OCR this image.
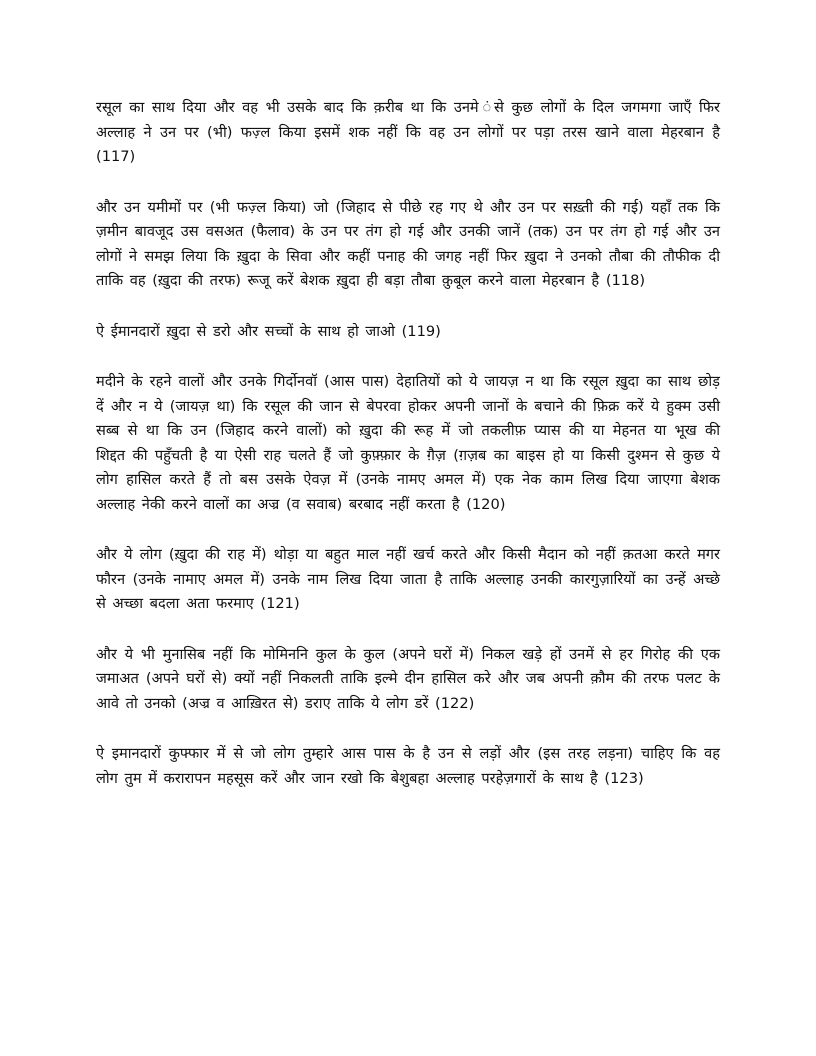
रसूल का साथ दिया और वह भी उसके बाद कि क़रीब था कि उनमे ंसे कुछ लोगों के दिल जगमगा जाएँ फिर अल्लाह ने उन पर (भी) फज़्ल किया इसमें शक नहीं कि वह उन लोगों पर पड़ा तरस खाने वाला मेहरबान है (117)

और उन यमीमों पर (भी फज़्ल किया) जो (जिहाद से पीछे रह गए थे और उन पर सख़्ती की गई) यहाँ तक कि ज़मीन बावजूद उस वसअत (फैलाव) के उन पर तंग हो गई और उनकी जानें (तक) उन पर तंग हो गई और उन लोगों ने समझ लिया कि ख़ुदा के सिवा और कहीं पनाह की जगह नहीं फिर ख़ुदा ने उनको तौबा की तौफीक दी ताकि वह (ख़ुदा की तरफ) रूजू करें बेशक ख़ुदा ही बड़ा तौबा क़ुबूल करने वाला मेहरबान है (118)

ऐ ईमानदारों ख़ुदा से डरो और सच्चों के साथ हो जाओ (119)

मदीने के रहने वालों और उनके गिर्दोनवॉ (आस पास) देहातियों को ये जायज़ न था कि रसूल ख़ुदा का साथ छोड़ दें और न ये (जायज़ था) कि रसूल की जान से बेपरवा होकर अपनी जानों के बचाने की फ़िक्र करें ये हुक्म उसी सब्ब से था कि उन (जिहाद करने वालों) को ख़ुदा की रूह में जो तकलीफ़ प्यास की या मेहनत या भूख की शिद्दत की पहुँचती है या ऐसी राह चलते हैं जो कुफ़्फ़ार के ग़ैज़ (ग़ज़ब का बाइस हो या किसी दुश्मन से कुछ ये लोग हासिल करते हैं तो बस उसके ऐवज़ में (उनके नामए अमल में) एक नेक काम लिख दिया जाएगा बेशक अल्लाह नेकी करने वालों का अज्र (व सवाब) बरबाद नहीं करता है (120)

और ये लोग (ख़ुदा की राह में) थोड़ा या बहुत माल नहीं खर्च करते और किसी मैदान को नहीं क़तआ करते मगर फौरन (उनके नामाए अमल में) उनके नाम लिख दिया जाता है ताकि अल्लाह उनकी कारगुज़ारियों का उन्हें अच्छे से अच्छा बदला अता फरमाए (121)

और ये भी मुनासिब नहीं कि मोमिननि कुल के कुल (अपने घरों में) निकल खड़े हों उनमें से हर गिरोह की एक जमाअत (अपने घरों से) क्यों नहीं निकलती ताकि इल्मे दीन हासिल करे और जब अपनी क़ौम की तरफ पलट के आवे तो उनको (अज्र व आख़िरत से) डराए ताकि ये लोग डरें (122)

ऐ इमानदारों कुफ्फार में से जो लोग तुम्हारे आस पास के है उन से लड़ों और (इस तरह लड़ना) चाहिए कि वह लोग तुम में करारापन महसूस करें और जान रखो कि बेशुबहा अल्लाह परहेज़गारों के साथ है (123)
